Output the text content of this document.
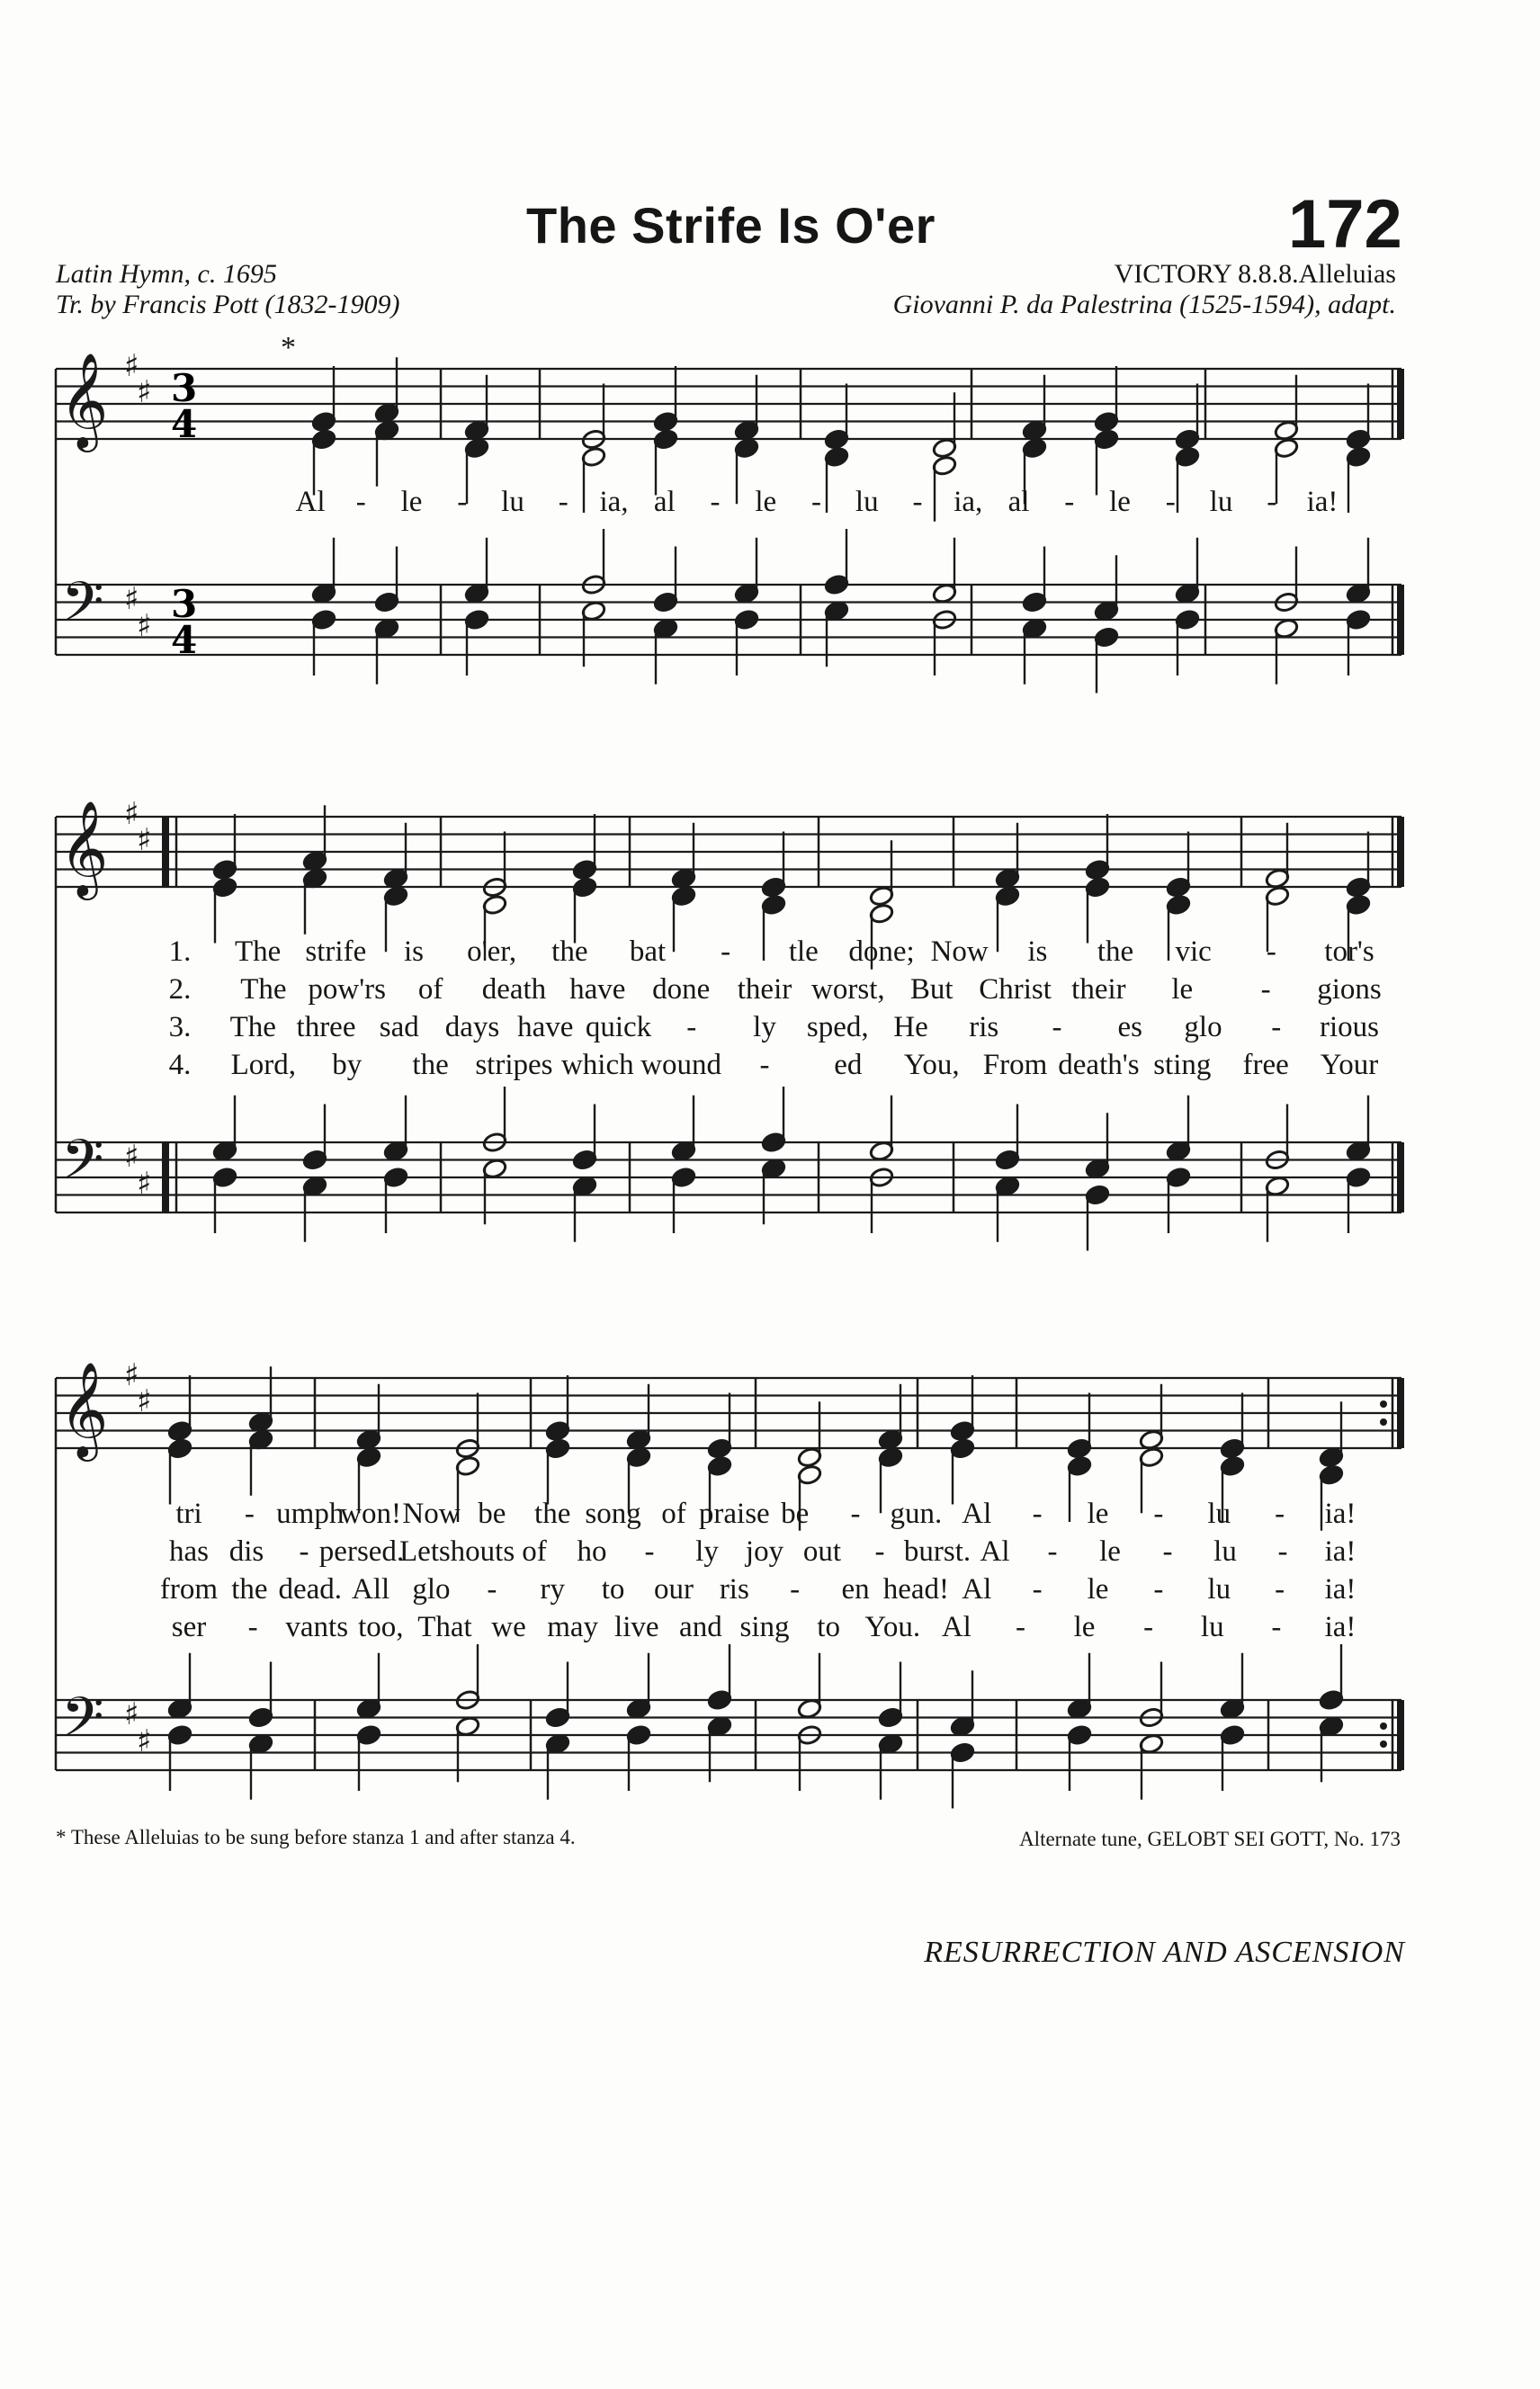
The Strife Is O'er	172
Latin Hymn, c. 1695
Tr. by Francis Pott (1832-1909)
VICTORY 8.8.8.Alleluias
Giovanni P. da Palestrina (1525-1594), adapt.
*
𝄞
𝄢
♯
♯
♯
♯
3
4
3
4
𝄞
𝄢
♯
♯
♯
♯
𝄞
𝄢
♯
♯
♯
♯
Al - le - lu - ia, al - le - lu - ia, al - le - lu - ia!
1. The strife is o'er, the bat - tle done; Now is the vic - tor's
2. The pow'rs of death have done their worst, But Christ their le - gions
3. The three sad days have quick - ly sped, He ris - es glo - rious
4. Lord, by the stripes which wound - ed You, From death's sting free Your
tri - umph
won! Now be the song of praise be - gun. Al - le - lu - ia!
has dis - persed.
Let shouts of ho - ly joy out - burst. Al - le - lu - ia!
from the dead. All glo - ry to our ris - en head! Al - le - lu - ia!
ser - vants too, That we may live and sing to You. Al - le - lu - ia!
* These Alleluias to be sung before stanza 1 and after stanza 4.	Alternate tune, GELOBT SEI GOTT, No. 173
RESURRECTION AND ASCENSION
